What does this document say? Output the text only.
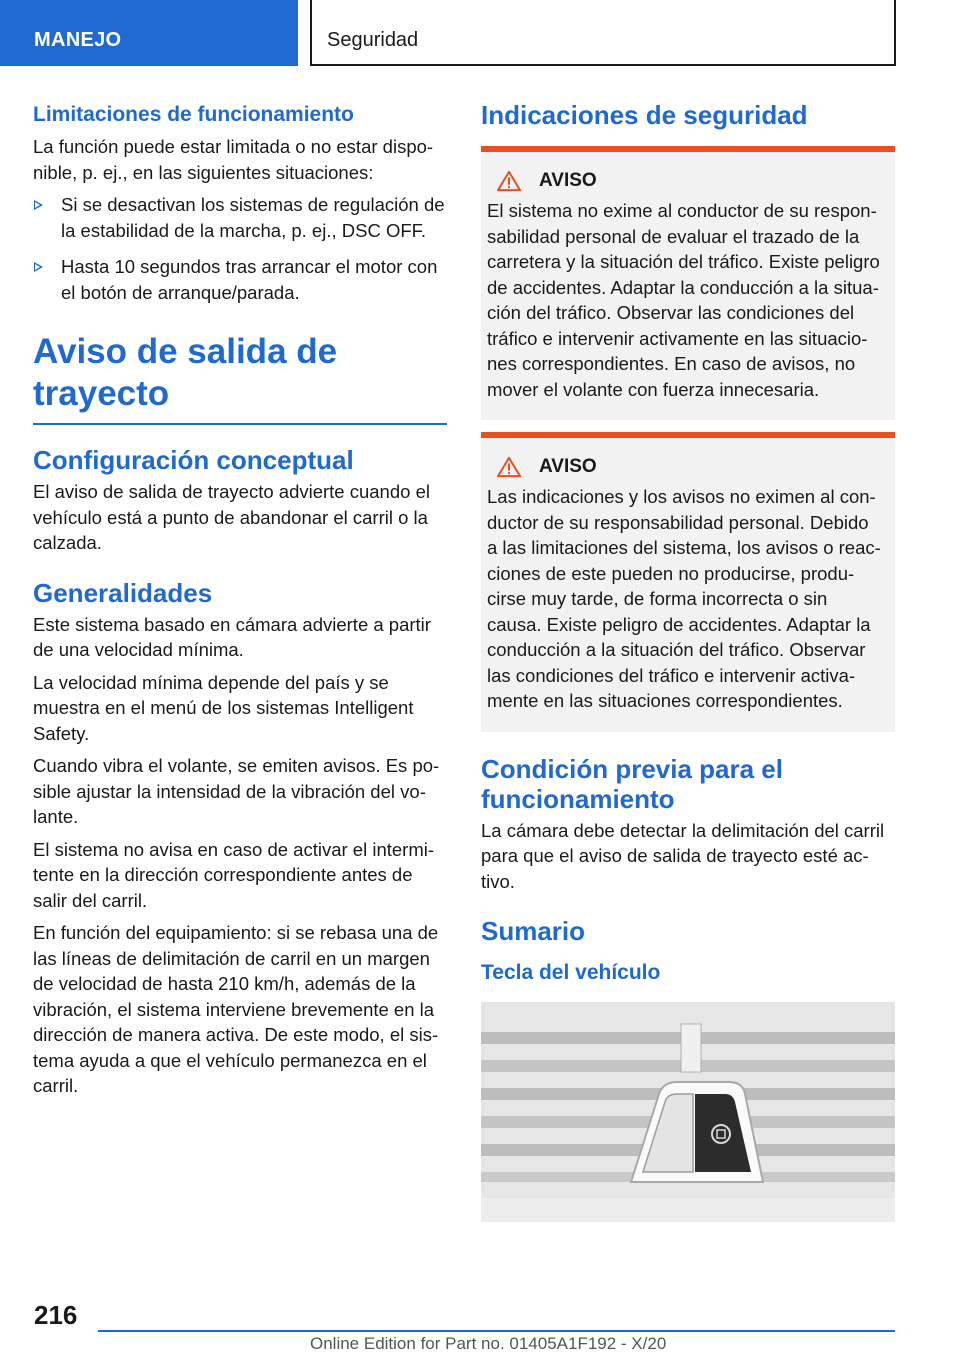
MANEJO	Seguridad
Limitaciones de funcionamiento

La función puede estar limitada o no estar disponible, p. ej., en las siguientes situaciones:

Si se desactivan los sistemas de regulación de la estabilidad de la marcha, p. ej., DSC OFF.
Hasta 10 segundos tras arrancar el motor con el botón de arranque/parada.
Aviso de salida de trayecto
Configuración conceptual

El aviso de salida de trayecto advierte cuando el vehículo está a punto de abandonar el carril o la calzada.

Generalidades

Este sistema basado en cámara advierte a partir de una velocidad mínima.

La velocidad mínima depende del país y se muestra en el menú de los sistemas Intelligent Safety.

Cuando vibra el volante, se emiten avisos. Es posible ajustar la intensidad de la vibración del volante.

El sistema no avisa en caso de activar el intermitente en la dirección correspondiente antes de salir del carril.

En función del equipamiento: si se rebasa una de las líneas de delimitación de carril en un margen de velocidad de hasta 210 km/h, además de la vibración, el sistema interviene brevemente en la dirección de manera activa. De este modo, el sistema ayuda a que el vehículo permanezca en el carril.

Indicaciones de seguridad
AVISO

El sistema no exime al conductor de su responsabilidad personal de evaluar el trazado de la carretera y la situación del tráfico. Existe peligro de accidentes. Adaptar la conducción a la situación del tráfico. Observar las condiciones del tráfico e intervenir activamente en las situaciones correspondientes. En caso de avisos, no mover el volante con fuerza innecesaria.

AVISO

Las indicaciones y los avisos no eximen al conductor de su responsabilidad personal. Debido a las limitaciones del sistema, los avisos o reacciones de este pueden no producirse, producirse muy tarde, de forma incorrecta o sin causa. Existe peligro de accidentes. Adaptar la conducción a la situación del tráfico. Observar las condiciones del tráfico e intervenir activamente en las situaciones correspondientes.

Condición previa para el funcionamiento

La cámara debe detectar la delimitación del carril para que el aviso de salida de trayecto esté activo.

Sumario
Tecla del vehículo
216
Online Edition for Part no. 01405A1F192 - X/20
